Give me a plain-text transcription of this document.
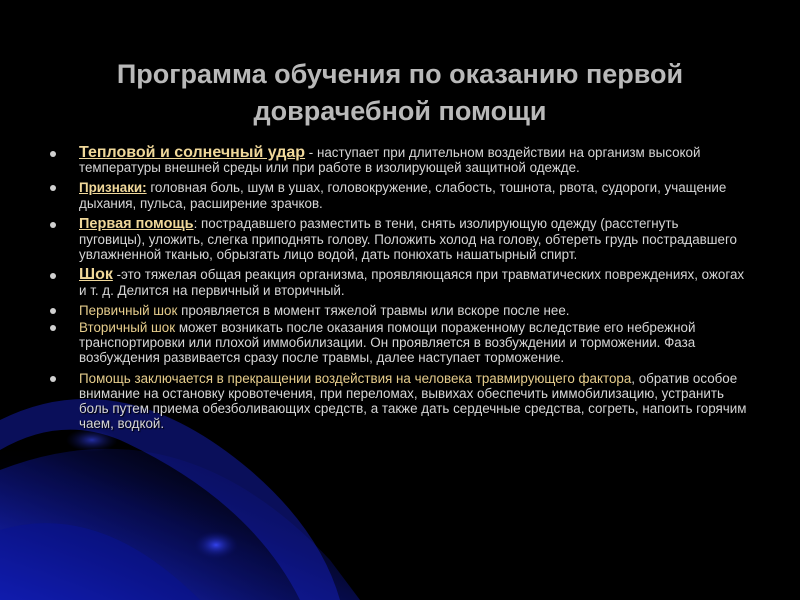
Программа обучения по оказанию первой доврачебной помощи
Тепловой и солнечный удар - наступает при длительном воздействии на организм высокой температуры внешней среды или при работе в изолирующей защитной одежде.
Признаки: головная боль, шум в ушах, головокружение, слабость, тошнота, рвота, судороги, учащение дыхания, пульса, расширение зрачков.
Первая помощь: пострадавшего разместить в тени, снять изолирующую одежду (расстегнуть пуговицы), уложить, слегка приподнять голову. Положить холод на голову, обтереть грудь пострадавшего увлажненной тканью, обрызгать лицо водой, дать понюхать нашатырный спирт.
Шок -это тяжелая общая реакция организма, проявляющаяся при травматических повреждениях, ожогах и т. д. Делится на первичный и вторичный.
Первичный шок проявляется в момент тяжелой травмы или вскоре после нее.
Вторичный шок может возникать после оказания помощи пораженному вследствие его небрежной транспортировки или плохой иммобилизации. Он проявляется в возбуждении и торможении. Фаза возбуждения развивается сразу после травмы, далее наступает торможение.
Помощь заключается в прекращении воздействия на человека травмирующего фактора, обратив особое внимание на остановку кровотечения, при переломах, вывихах обеспечить иммобилизацию, устранить боль путем приема обезболивающих средств, а также дать сердечные средства, согреть, напоить горячим чаем, водкой.
